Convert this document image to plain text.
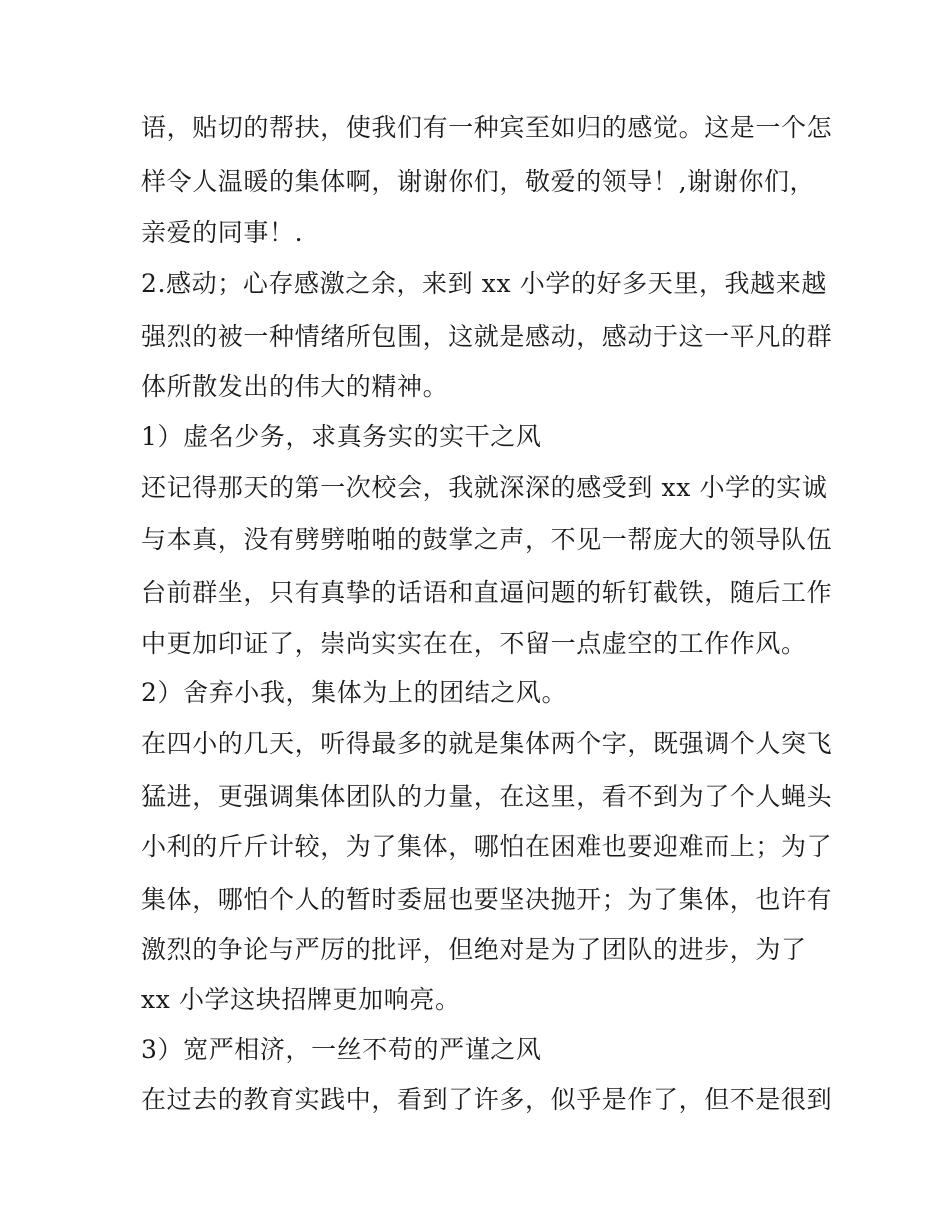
语，贴切的帮扶，使我们有一种宾至如归的感觉。这是一个怎
样令人温暖的集体啊，谢谢你们，敬爱的领导！,谢谢你们，
亲爱的同事！.
2.感动；心存感激之余，来到 xx 小学的好多天里，我越来越
强烈的被一种情绪所包围，这就是感动，感动于这一平凡的群
体所散发出的伟大的精神。
1）虚名少务，求真务实的实干之风
还记得那天的第一次校会，我就深深的感受到 xx 小学的实诚
与本真，没有劈劈啪啪的鼓掌之声，不见一帮庞大的领导队伍
台前群坐，只有真挚的话语和直逼问题的斩钉截铁，随后工作
中更加印证了，崇尚实实在在，不留一点虚空的工作作风。
2）舍弃小我，集体为上的团结之风。
在四小的几天，听得最多的就是集体两个字，既强调个人突飞
猛进，更强调集体团队的力量，在这里，看不到为了个人蝇头
小利的斤斤计较，为了集体，哪怕在困难也要迎难而上；为了
集体，哪怕个人的暂时委屈也要坚决抛开；为了集体，也许有
激烈的争论与严厉的批评，但绝对是为了团队的进步，为了
xx 小学这块招牌更加响亮。
3）宽严相济，一丝不苟的严谨之风
在过去的教育实践中，看到了许多，似乎是作了，但不是很到
